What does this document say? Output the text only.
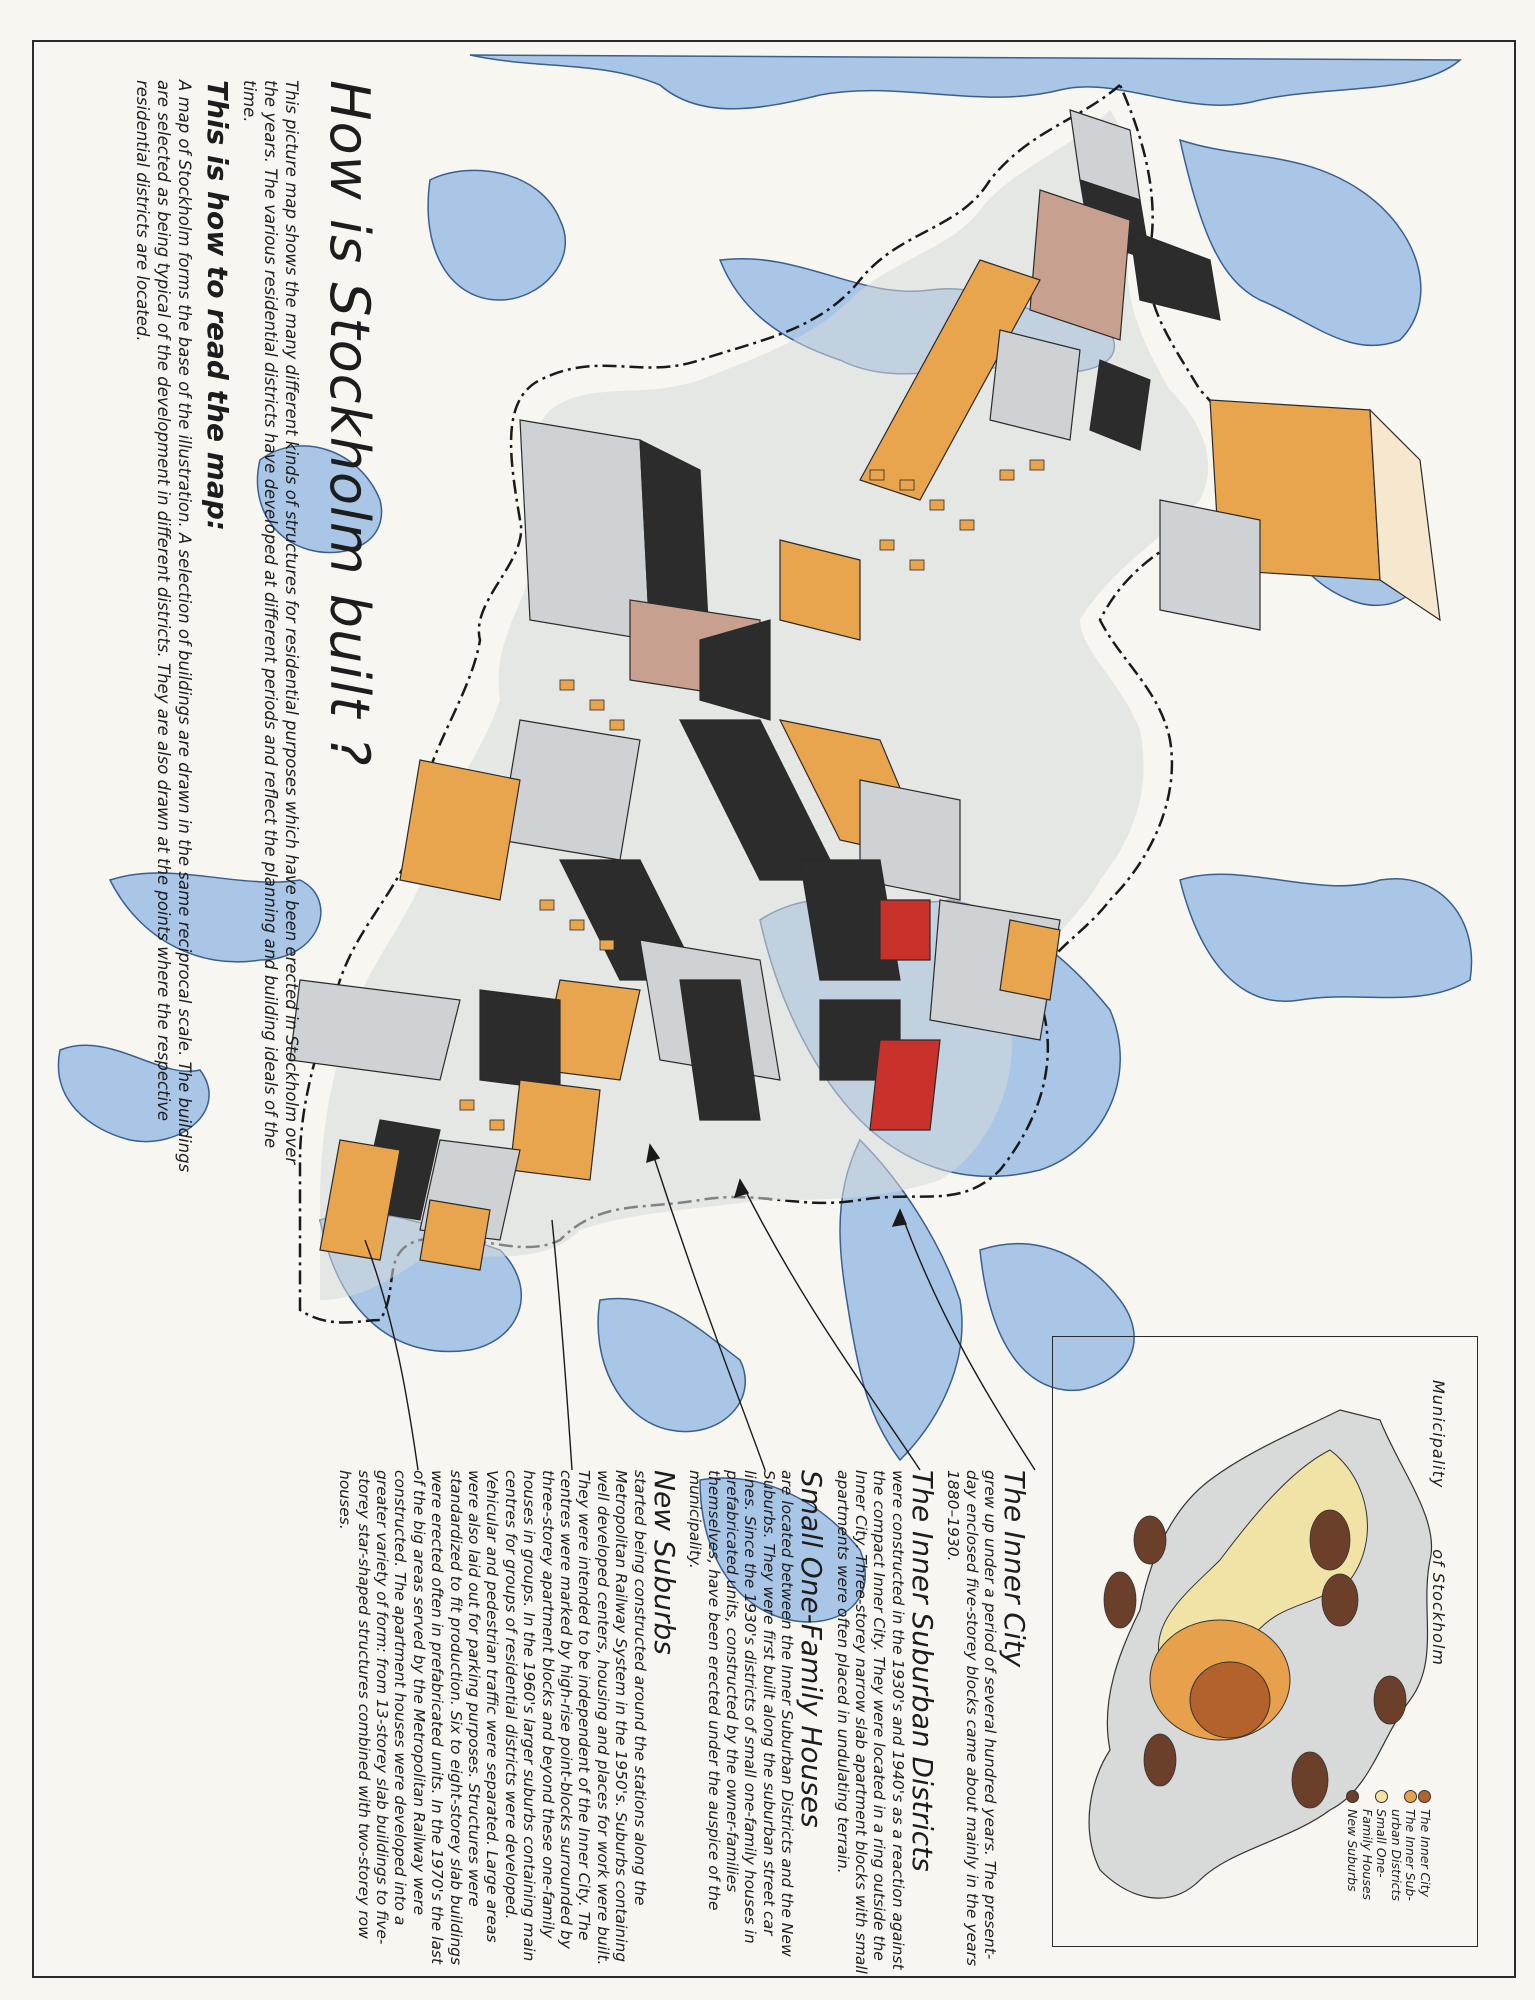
How is Stockholm built ?

This picture map shows the many different kinds of structures for residential purposes which have been erected in Stockholm over the years. The various residential districts have developed at different periods and reflect the planning and building ideals of the time.

This is how to read the map:

A map of Stockholm forms the base of the illustration. A selection of buildings are drawn in the same reciprocal scale. The buildings are selected as being typical of the development in different districts. They are also drawn at the points where the respective residential districts are located.

The Inner City

grew up under a period of several hundred years. The present-day enclosed five-storey blocks came about mainly in the years 1880–1930.

The Inner Suburban Districts

were constructed in the 1930's and 1940's as a reaction against the compact Inner City. They were located in a ring outside the Inner City. Three-storey narrow slab apartment blocks with small apartments were often placed in undulating terrain.

Small One-Family Houses

are located between the Inner Suburban Districts and the New Suburbs. They were first built along the suburban street car lines. Since the 1930's districts of small one-family houses in prefabricated units, constructed by the owner-families themselves, have been erected under the auspice of the municipality.

New Suburbs

started being constructed around the stations along the Metropolitan Railway System in the 1950's. Suburbs containing well developed centers, housing and places for work were built. They were intended to be independent of the Inner City. The centres were marked by high-rise point-blocks surrounded by three-storey apartment blocks and beyond these one-family houses in groups. In the 1960's larger suburbs containing main centres for groups of residential districts were developed. Vehicular and pedestrian traffic were separated. Large areas were also laid out for parking purposes. Structures were standardized to fit production. Six to eight-storey slab buildings were erected often in prefabricated units. In the 1970's the last of the big areas served by the Metropolitan Railway were constructed. The apartment houses were developed into a greater variety of form: from 13-storey slab buildings to five-storey star-shaped structures combined with two-storey row houses.	Municipality          of Stockholm
The Inner City
The Inner Sub-
urban Districts
Small One-
Family Houses
New Suburbs
